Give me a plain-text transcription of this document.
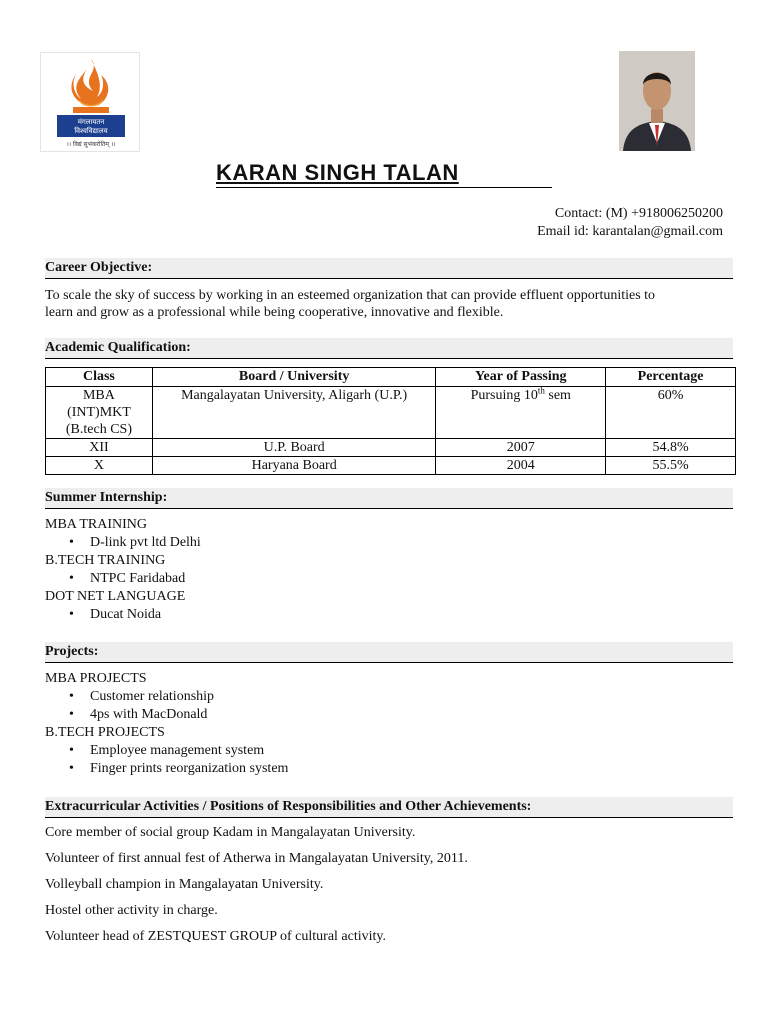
मंगलायतन
विश्वविद्यालय
।। विद्यं सुभंकरोतिम् ।।
KARAN SINGH TALAN
Contact: (M) +918006250200
Email id: karantalan@gmail.com
Career Objective:
To scale the sky of success by working in an esteemed organization that can provide effluent opportunities to
learn and grow as a professional while being cooperative, innovative and flexible.
Academic Qualification:
Class	Board / University	Year of Passing	Percentage

MBA
(INT)MKT
(B.tech CS)	Mangalayatan University, Aligarh (U.P.)	Pursuing 10th sem	60%
XII	U.P. Board	2007	54.8%
X	Haryana Board	2004	55.5%
Summer Internship:
MBA TRAINING
• D-link pvt ltd Delhi
B.TECH TRAINING
• NTPC Faridabad
DOT NET LANGUAGE
• Ducat Noida
Projects:
MBA PROJECTS
• Customer relationship
• 4ps with MacDonald
B.TECH PROJECTS
• Employee management system
• Finger prints reorganization system
Extracurricular Activities / Positions of Responsibilities and Other Achievements:
Core member of social group Kadam in Mangalayatan University.
Volunteer of first annual fest of Atherwa in Mangalayatan University, 2011.
Volleyball champion in Mangalayatan University.
Hostel other activity in charge.
Volunteer head of ZESTQUEST GROUP of cultural activity.
